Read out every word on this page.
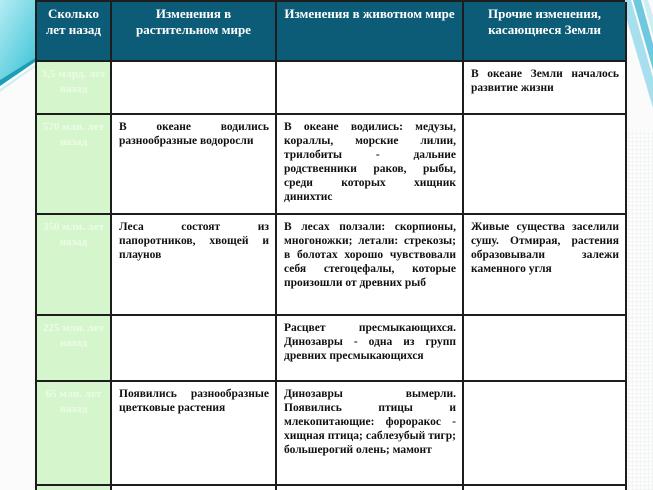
Сколько лет назад
Изменения в растительном мире
Изменения в животном мире	Прочие изменения, касающиеся Земли
3,5 млрд. лет назад
В океане Земли началось развитие жизни
570 млн. лет назад
В океане водились разнообразные водоросли
В океане водились: медузы, кораллы, морские лилии, трилобиты - дальние родственники раков, рыбы, среди которых хищник динихтис
350 млн. лет назад
Леса состоят из папоротников, хвощей и плаунов
В лесах ползали: скорпионы, многоножки; летали: стрекозы; в болотах хорошо чувствовали себя стегоцефалы, которые произошли от древних рыб
Живые существа заселили сушу. Отмирая, растения образовывали залежи каменного угля
225 млн. лет назад
Расцвет пресмыкающихся. Динозавры - одна из групп древних пресмыкающихся
65 млн. лет назад
Появились разнообразные цветковые растения
Динозавры вымерли. Появились птицы и млекопитающие: фороракос - хищная птица; саблезубый тигр; большерогий олень; мамонт
